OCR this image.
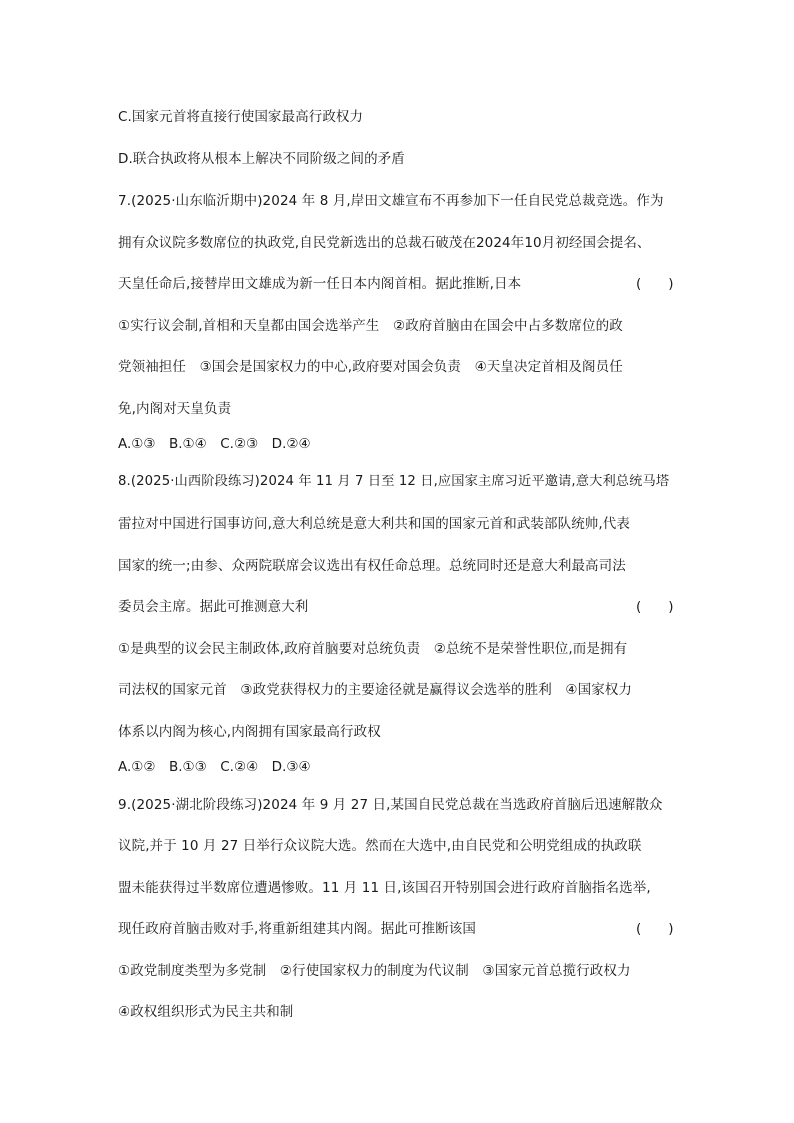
C.国家元首将直接行使国家最高行政权力
D.联合执政将从根本上解决不同阶级之间的矛盾
7.(2025·山东临沂期中)2024 年 8 月,岸田文雄宣布不再参加下一任自民党总裁竞选。作为
拥有众议院多数席位的执政党,自民党新选出的总裁石破茂在2024年10月初经国会提名、
天皇任命后,接替岸田文雄成为新一任日本内阁首相。据此推断,日本	(　　)
①实行议会制,首相和天皇都由国会选举产生　②政府首脑由在国会中占多数席位的政
党领袖担任　③国会是国家权力的中心,政府要对国会负责　④天皇决定首相及阁员任
免,内阁对天皇负责
A.①③　B.①④　C.②③　D.②④
8.(2025·山西阶段练习)2024 年 11 月 7 日至 12 日,应国家主席习近平邀请,意大利总统马塔
雷拉对中国进行国事访问,意大利总统是意大利共和国的国家元首和武装部队统帅,代表
国家的统一;由参、众两院联席会议选出有权任命总理。总统同时还是意大利最高司法
委员会主席。据此可推测意大利	(　　)
①是典型的议会民主制政体,政府首脑要对总统负责　②总统不是荣誉性职位,而是拥有
司法权的国家元首　③政党获得权力的主要途径就是赢得议会选举的胜利　④国家权力
体系以内阁为核心,内阁拥有国家最高行政权
A.①②　B.①③　C.②④　D.③④
9.(2025·湖北阶段练习)2024 年 9 月 27 日,某国自民党总裁在当选政府首脑后迅速解散众
议院,并于 10 月 27 日举行众议院大选。然而在大选中,由自民党和公明党组成的执政联
盟未能获得过半数席位遭遇惨败。11 月 11 日,该国召开特别国会进行政府首脑指名选举,
现任政府首脑击败对手,将重新组建其内阁。据此可推断该国	(　　)
①政党制度类型为多党制　②行使国家权力的制度为代议制　③国家元首总揽行政权力
④政权组织形式为民主共和制
